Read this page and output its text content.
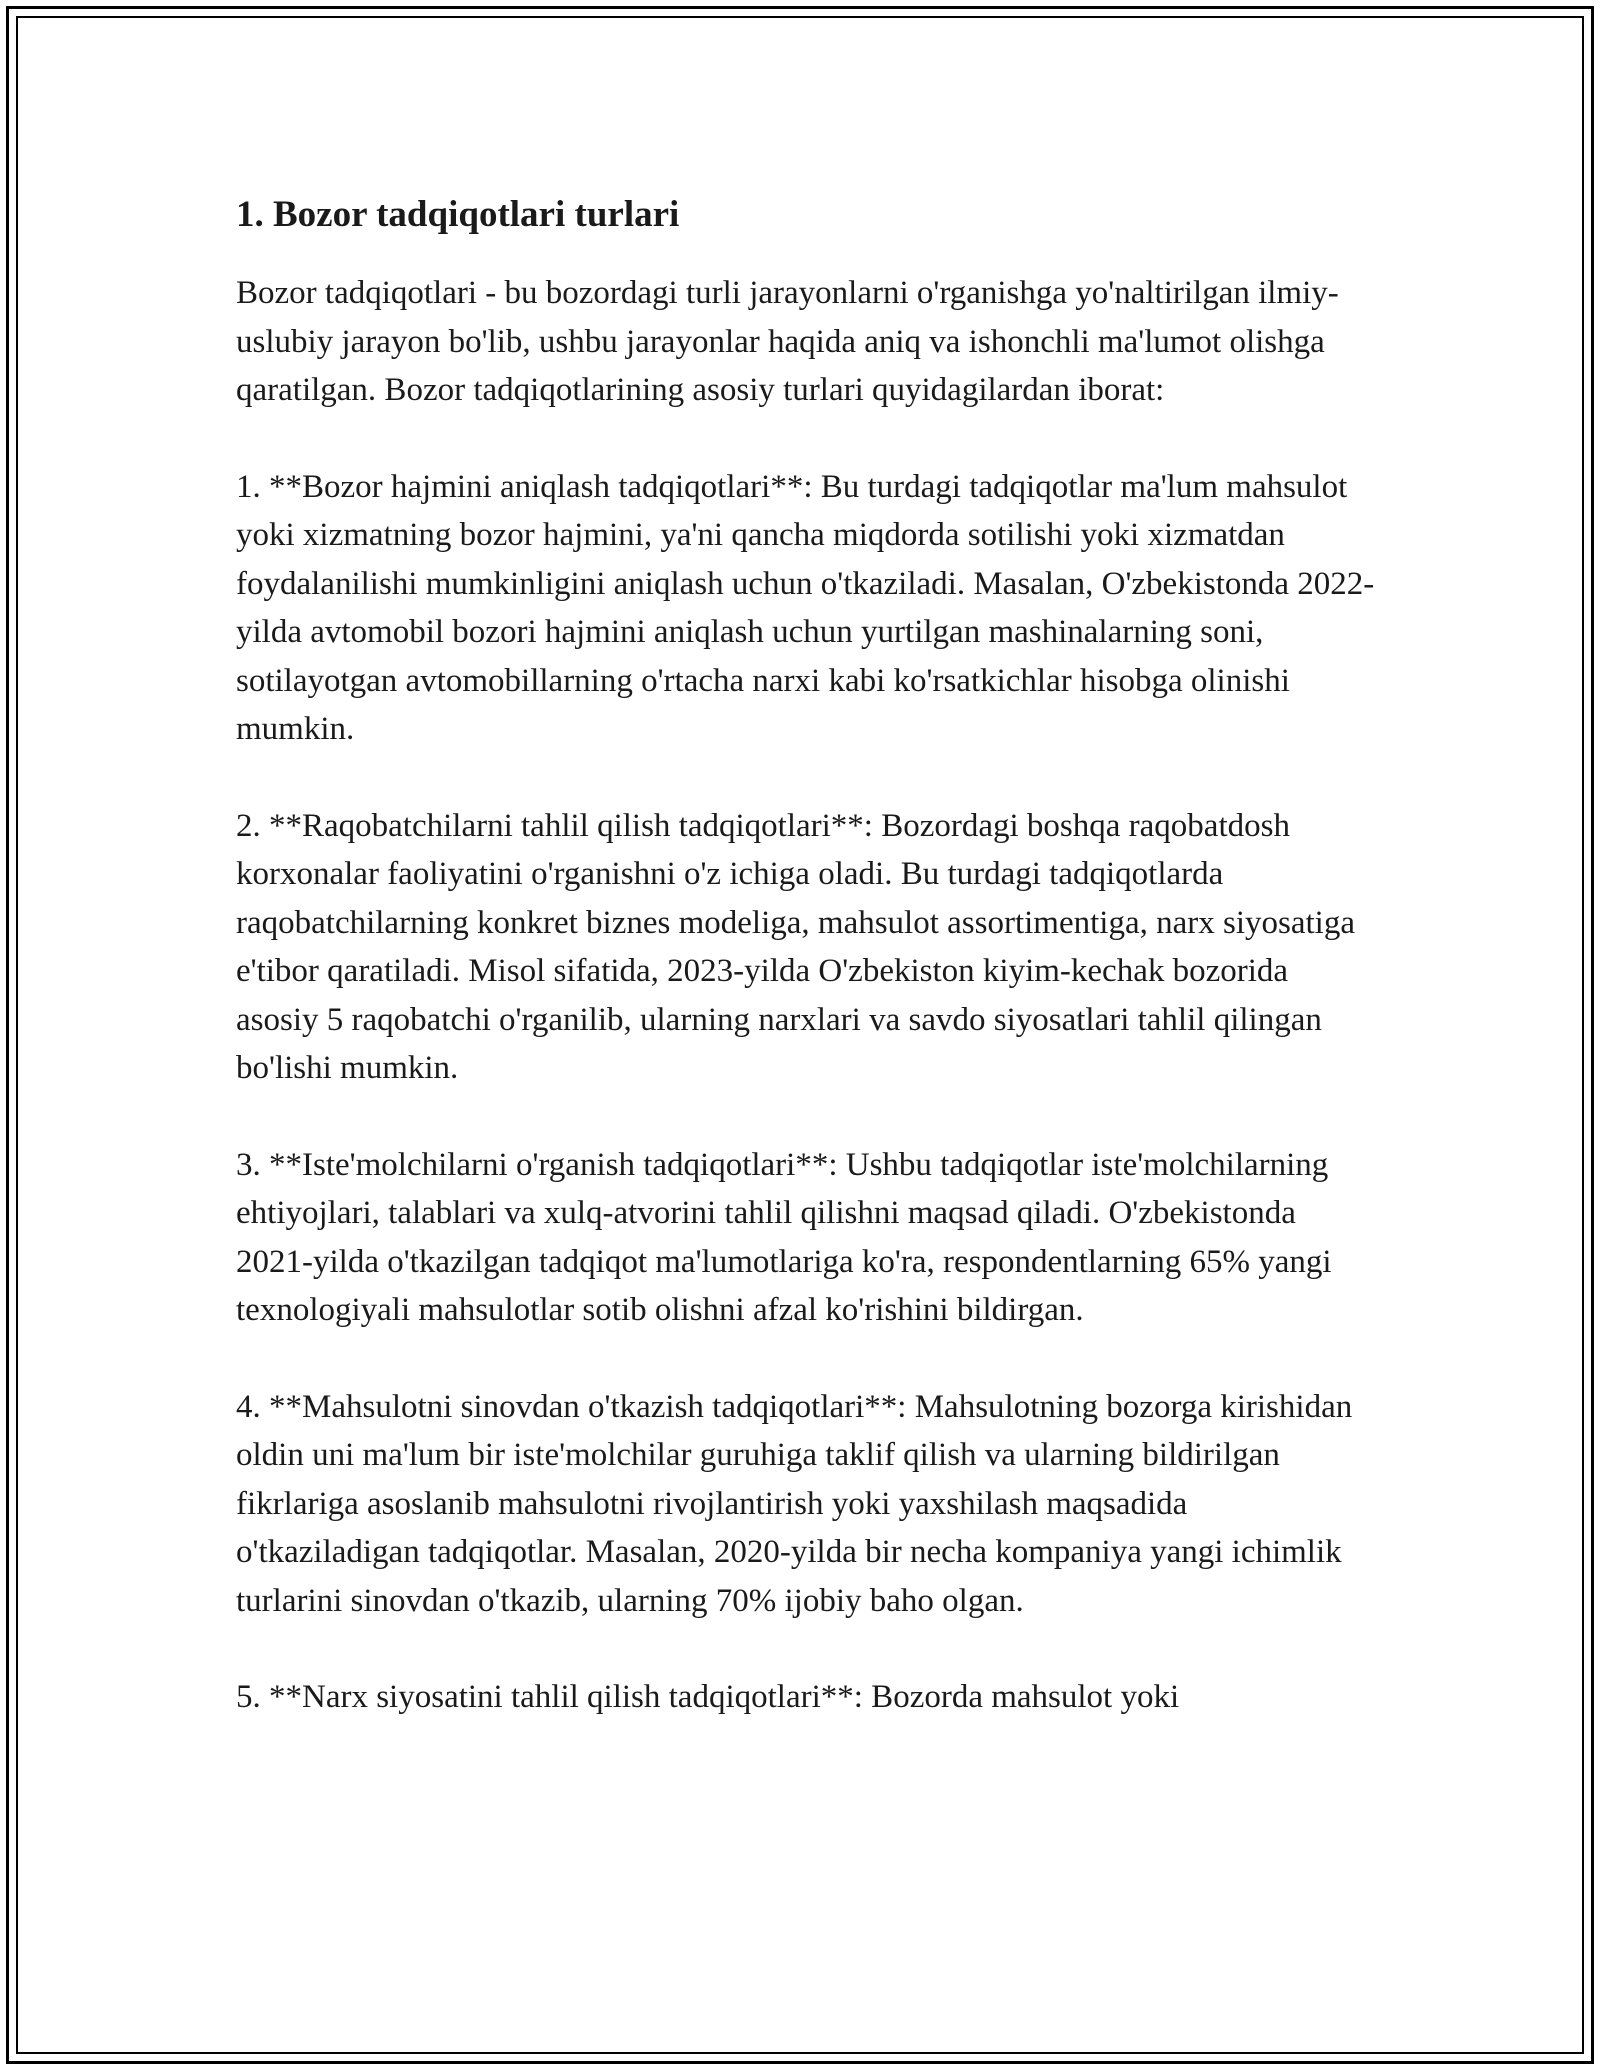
1. Bozor tadqiqotlari turlari

Bozor tadqiqotlari - bu bozordagi turli jarayonlarni o'rganishga yo'naltirilgan ilmiy-uslubiy jarayon bo'lib, ushbu jarayonlar haqida aniq va ishonchli ma'lumot olishga qaratilgan. Bozor tadqiqotlarining asosiy turlari quyidagilardan iborat:

1. **Bozor hajmini aniqlash tadqiqotlari**: Bu turdagi tadqiqotlar ma'lum mahsulot yoki xizmatning bozor hajmini, ya'ni qancha miqdorda sotilishi yoki xizmatdan foydalanilishi mumkinligini aniqlash uchun o'tkaziladi. Masalan, O'zbekistonda 2022-yilda avtomobil bozori hajmini aniqlash uchun yurtilgan mashinalarning soni, sotilayotgan avtomobillarning o'rtacha narxi kabi ko'rsatkichlar hisobga olinishi mumkin.

2. **Raqobatchilarni tahlil qilish tadqiqotlari**: Bozordagi boshqa raqobatdosh korxonalar faoliyatini o'rganishni o'z ichiga oladi. Bu turdagi tadqiqotlarda raqobatchilarning konkret biznes modeliga, mahsulot assortimentiga, narx siyosatiga e'tibor qaratiladi. Misol sifatida, 2023-yilda O'zbekiston kiyim-kechak bozorida asosiy 5 raqobatchi o'rganilib, ularning narxlari va savdo siyosatlari tahlil qilingan bo'lishi mumkin.

3. **Iste'molchilarni o'rganish tadqiqotlari**: Ushbu tadqiqotlar iste'molchilarning ehtiyojlari, talablari va xulq-atvorini tahlil qilishni maqsad qiladi. O'zbekistonda 2021-yilda o'tkazilgan tadqiqot ma'lumotlariga ko'ra, respondentlarning 65% yangi texnologiyali mahsulotlar sotib olishni afzal ko'rishini bildirgan.

4. **Mahsulotni sinovdan o'tkazish tadqiqotlari**: Mahsulotning bozorga kirishidan oldin uni ma'lum bir iste'molchilar guruhiga taklif qilish va ularning bildirilgan fikrlariga asoslanib mahsulotni rivojlantirish yoki yaxshilash maqsadida o'tkaziladigan tadqiqotlar. Masalan, 2020-yilda bir necha kompaniya yangi ichimlik turlarini sinovdan o'tkazib, ularning 70% ijobiy baho olgan.

5. **Narx siyosatini tahlil qilish tadqiqotlari**: Bozorda mahsulot yoki
